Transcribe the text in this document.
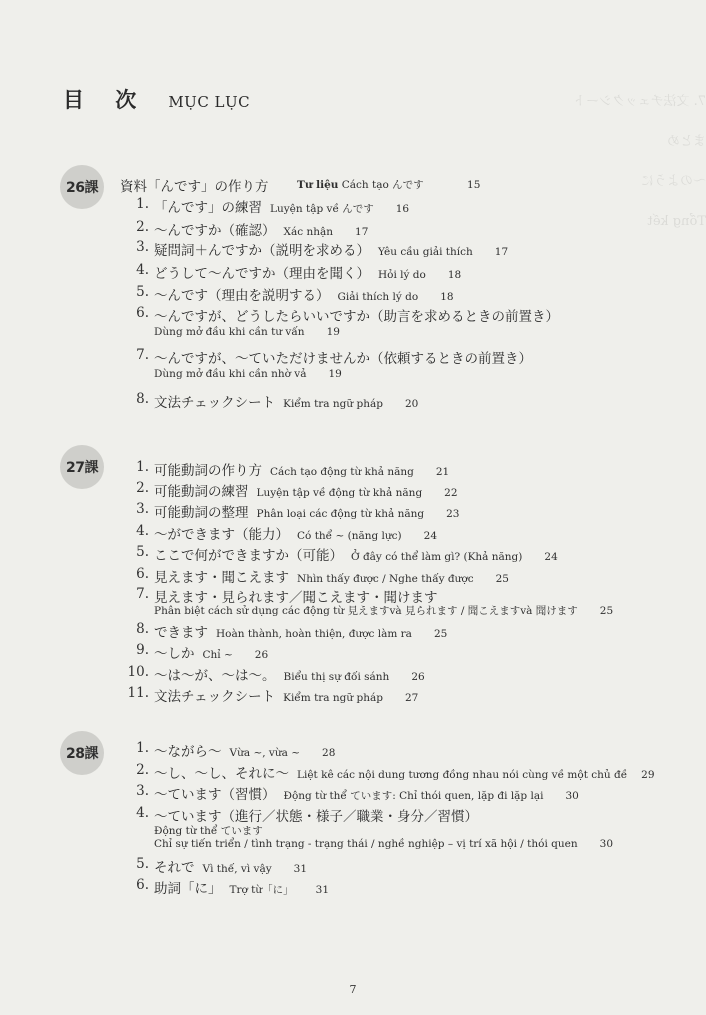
7. 文法チェックシート
まとめ
～のように
Tổng kết
目 次 MỤC LỤC
26課	資料「んです」の作り方	Tư liệu Cách tạo んです	15
1. 「んです」の練習 Luyện tập về んです 16
2. ～んですか（確認） Xác nhận 17
3. 疑問詞＋んですか（説明を求める） Yêu cầu giải thích 17
4. どうして～んですか（理由を聞く） Hỏi lý do 18
5. ～んです（理由を説明する） Giải thích lý do 18
6. ～んですが、どうしたらいいですか（助言を求めるときの前置き）
Dùng mở đầu khi cần tư vấn 19
7. ～んですが、～ていただけませんか（依頼するときの前置き）
Dùng mở đầu khi cần nhờ vả 19
8. 文法チェックシート Kiểm tra ngữ pháp 20
27課	1. 可能動詞の作り方 Cách tạo động từ khả năng 21
2. 可能動詞の練習 Luyện tập về động từ khả năng 22
3. 可能動詞の整理 Phân loại các động từ khả năng 23
4. ～ができます（能力） Có thể ~ (năng lực) 24
5. ここで何ができますか（可能） Ở đây có thể làm gì? (Khả năng) 24
6. 見えます・聞こえます Nhìn thấy được / Nghe thấy được 25
7. 見えます・見られます／聞こえます・聞けます
Phân biệt cách sử dụng các động từ 見えますvà 見られます / 聞こえますvà 聞けます 25
8. できます Hoàn thành, hoàn thiện, được làm ra 25
9. ～しか Chỉ ~ 26
10. ～は～が、～は～。 Biểu thị sự đối sánh 26
11. 文法チェックシート Kiểm tra ngữ pháp 27
28課	1. ～ながら～ Vừa ~, vừa ~ 28
2. ～し、～し、それに～ Liệt kê các nội dung tương đồng nhau nói cùng về một chủ đề 29
3. ～ています（習慣） Động từ thể ています: Chỉ thói quen, lặp đi lặp lại 30
4. ～ています（進行／状態・様子／職業・身分／習慣）
Động từ thể ています
Chỉ sự tiến triển / tình trạng - trạng thái / nghề nghiệp – vị trí xã hội / thói quen 30
5. それで Vì thế, vì vậy 31
6. 助詞「に」 Trợ từ「に」 31
7
